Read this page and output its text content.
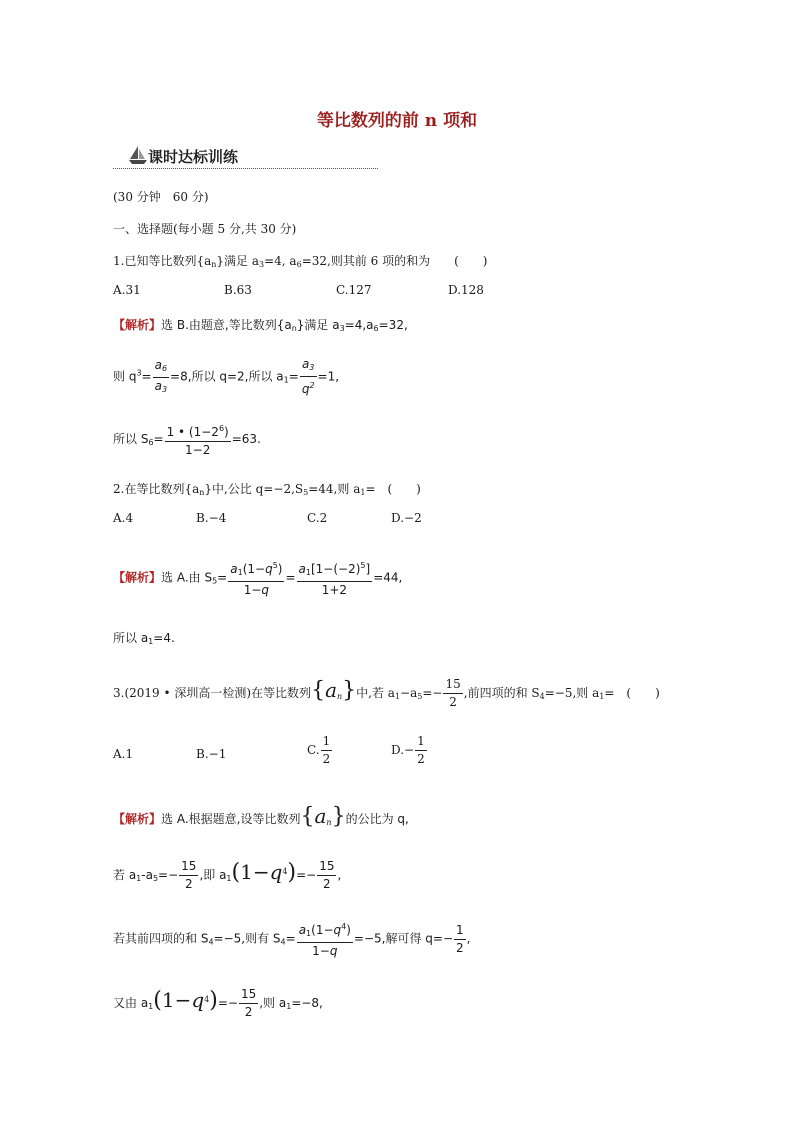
等比数列的前 n 项和
课时达标训练
(30 分钟　60 分)
一、选择题(每小题 5 分,共 30 分)
1.已知等比数列$\{a_n\}$满足 $a_3=4$, $a_6=32$,则其前 6 项的和为　　(　　)
A.31	B.63	C.127	D.128
【解析】选 B.由题意,等比数列$\{a_n\}$满足 $a_3=4,a_6=32$,
则 $q^3= \frac{a_6}{a_3} =8$,所以 q=2,所以 $a_1= \frac{a_3}{q^2} =1$,
所以 $S_6= \frac{1 • (1-2^6)}{1-2} =63$.
2.在等比数列$\{a_n\}$中,公比 $q=-2,S_5=44$,则 $a_1=$　(　　)
A.4	B.−4	C.2	D.−2
【解析】选 A.由 $S_5= \frac{a_1(1-q^5)}{1-q} = \frac{a_1[1-(-2)^5]}{1+2} =44$,
所以 $a_1=4$.
3.(2019 • 深圳高一检测)在等比数列$\{a_n\}$中,若 $a_1-a_5=- \frac{15}{2}$ ,前四项的和 $S_4=-5$,则 $a_1=$　(　　)
A.1	B.−1	C. $\frac{1}{2}$	$D.- \frac{1}{2}$
【解析】选 A.根据题意,设等比数列$\{a_n\}$的公比为 q,
若 $a_1-a_5=- \frac{15}{2}$ ,即 $a_1(1-q^4)=- \frac{15}{2}$ ,
若其前四项的和 $S_4=-5$,则有 $S_4= \frac{a_1(1-q^4)}{1-q} =-5$,解可得 $q=- \frac{1}{2}$ ,
又由 $a_1(1-q^4)=- \frac{15}{2}$ ,则 $a_1=-8$,
